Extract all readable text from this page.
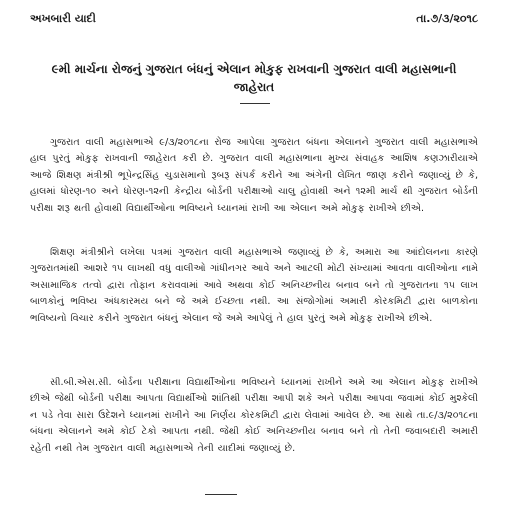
અખબારી યાદી	તા.૭/૩/૨૦૧૮
૯મી માર્ચના રોજનું ગુજરાત બંધનું એલાન મોકુફ રાખવાની ગુજરાત વાલી મહાસભાની જાહેરાત

ગુજરાત વાલી મહાસભાએ ૯/૩/૨૦૧૮ના રોજ આપેલા ગુજરાત બંધના એલાનને ગુજરાત વાલી મહાસભાએ હાલ પુરતું મોકુફ રાખવાની જાહેરાત કરી છે. ગુજરાત વાલી મહાસભાના મુખ્ય સંવાહક આશિષ કણઝારીયાએ આજે શિક્ષણ મંત્રીશ્રી ભૂપેન્દ્રસિંહ ચુડાસમાનો રૂબરૂ સંપર્ક કરીને આ અંગેની લેખિત જાણ કરીને જણાવ્યું છે કે, હાલમાં ધોરણ-૧૦ અને ધોરણ-૧૨ની કેન્દ્રીય બોર્ડની પરીક્ષાઓ ચાલુ હોવાથી અને ૧૨મી માર્ચ થી ગુજરાત બોર્ડની પરીક્ષા શરૂ થતી હોવાથી વિદ્યાર્થીઓના ભવિષ્યને ધ્યાનમાં રાખી આ એલાન અમે મોકુફ રાખીએ છીએ.

શિક્ષણ મંત્રીશ્રીને લખેલા પત્રમાં ગુજરાત વાલી મહાસભાએ જણાવ્યું છે કે, અમારા આ આંદોલનના કારણે ગુજરાતમાંથી આશરે ૧૫ લાખથી વધુ વાલીઓ ગાંધીનગર આવે અને આટલી મોટી સંખ્યામાં આવતા વાલીઓના નામે અસામાજિક તત્વો દ્વારા તોફાન કરાવવામાં આવે અથવા કોઈ અનિચ્છનીય બનાવ બને તો ગુજરાતના ૧૫ લાખ બાળકોનું ભવિષ્ય અંધકારમય બને જે અમે ઈચ્છતા નથી. આ સંજોગોમાં અમારી કોરકમિટી દ્વારા બાળકોના ભવિષ્યનો વિચાર કરીને ગુજરાત બંધનું એલાન જે અમે આપેલું તે હાલ પુરતું અમે મોકુફ રાખીએ છીએ.

સી.બી.એસ.સી. બોર્ડના પરીક્ષાના વિદ્યાર્થીઓના ભવિષ્યને ધ્યાનમાં રાખીને અમે આ એલાન મોકુફ રાખીએ છીએ જેથી બોર્ડની પરીક્ષા આપતા વિદ્યાર્થીઓ શાંતિથી પરીક્ષા આપી શકે અને પરીક્ષા આપવા જવામાં કોઈ મુશ્કેલી ન પડે તેવા સારા ઉદેશને ધ્યાનમાં રાખીને આ નિર્ણય કોરકમિટી દ્વારા લેવામાં આવેલ છે. આ સાથે તા.૯/૩/૨૦૧૮ના બંધના એલાનને અમે કોઈ ટેકો આપતા નથી. જેથી કોઈ અનિચ્છનીય બનાવ બને તો તેની જવાબદારી અમારી રહેતી નથી તેમ ગુજરાત વાલી મહાસભાએ તેની યાદીમાં જણાવ્યું છે.
